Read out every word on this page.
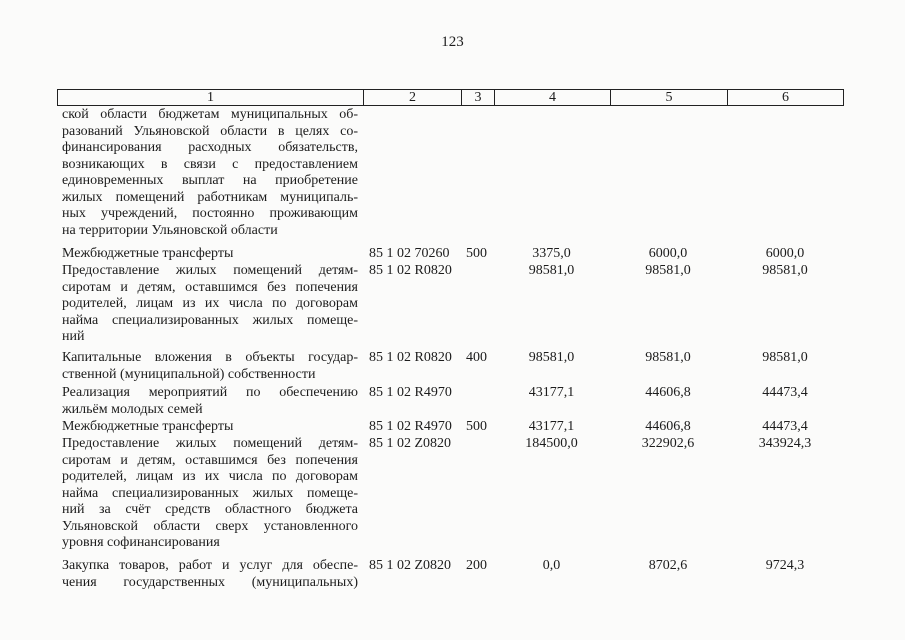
123
1	2	3	4	5	6
ской области бюджетам муниципальных об-
разований Ульяновской области в целях со-
финансирования расходных обязательств,
возникающих в связи с предоставлением
единовременных выплат на приобретение
жилых помещений работникам муниципаль-
ных учреждений, постоянно проживающим
на территории Ульяновской области
Межбюджетные трансферты	85 1 02 70260 500	3375,0	6000,0	6000,0
Предоставление жилых помещений детям-
сиротам и детям, оставшимся без попечения
родителей, лицам из их числа по договорам
найма специализированных жилых помеще-
ний
85 1 02 R0820	98581,0	98581,0	98581,0
Капитальные вложения в объекты государ-
ственной (муниципальной) собственности
85 1 02 R0820 400	98581,0	98581,0	98581,0
Реализация мероприятий по обеспечению
жильём молодых семей
85 1 02 R4970	43177,1	44606,8	44473,4
Межбюджетные трансферты	85 1 02 R4970 500	43177,1	44606,8	44473,4
Предоставление жилых помещений детям-
сиротам и детям, оставшимся без попечения
родителей, лицам из их числа по договорам
найма специализированных жилых помеще-
ний за счёт средств областного бюджета
Ульяновской области сверх установленного
уровня софинансирования
85 1 02 Z0820	184500,0	322902,6	343924,3
Закупка товаров, работ и услуг для обеспе-
чения государственных (муниципальных)
85 1 02 Z0820 200	0,0	8702,6	9724,3
